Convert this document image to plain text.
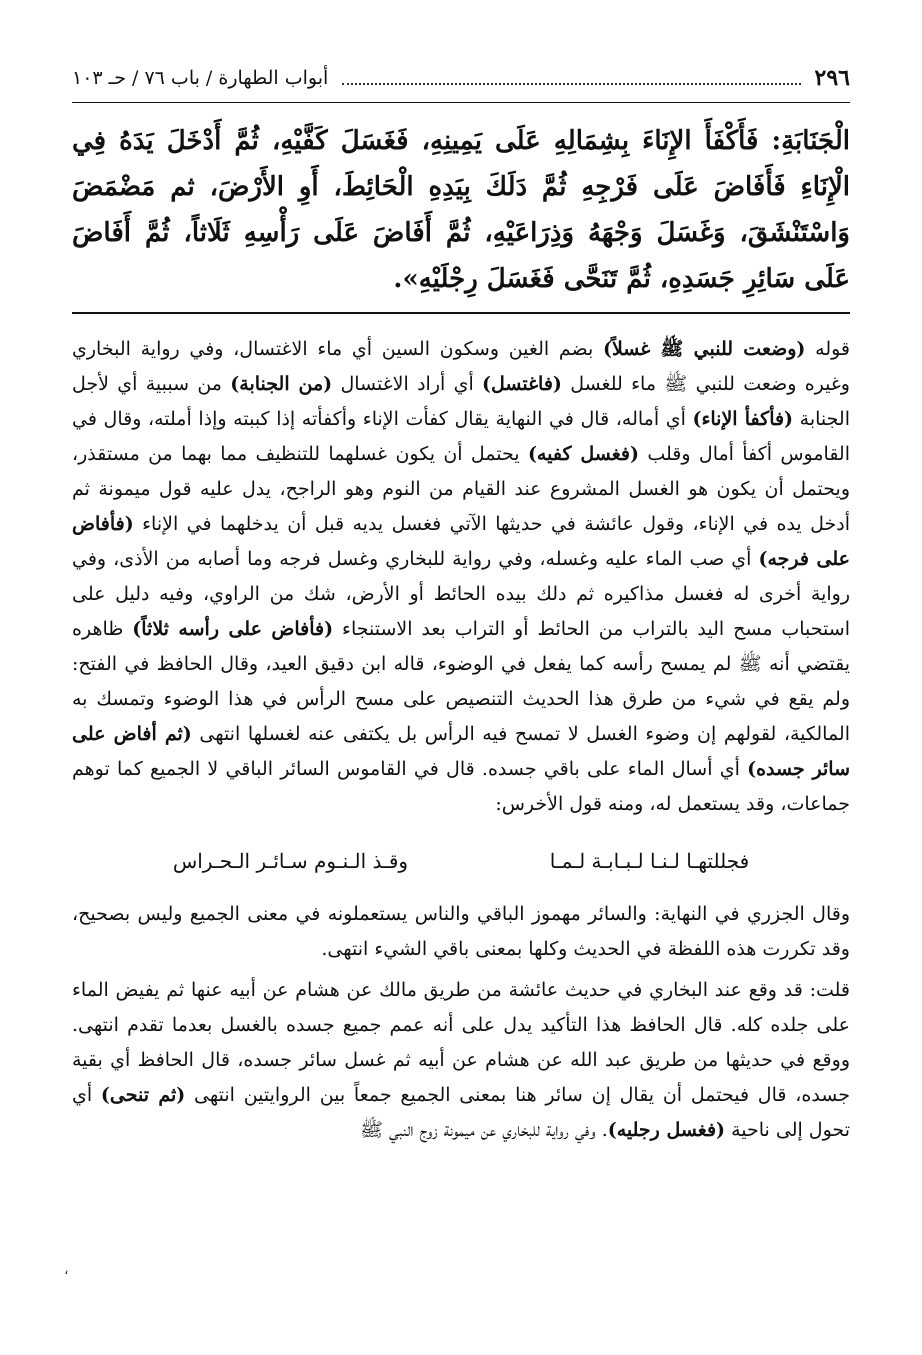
٢٩٦
أبواب الطهارة / باب ٧٦ / حـ ١٠٣

الْجَنَابَةِ: فَأَكْفَأَ الإِنَاءَ بِشِمَالِهِ عَلَى يَمِينِهِ، فَغَسَلَ كَفَّيْهِ، ثُمَّ أَدْخَلَ يَدَهُ فِي الْإِنَاءِ فَأَفَاضَ عَلَى فَرْجِهِ ثُمَّ دَلَكَ بِيَدِهِ الْحَائِطَ، أَوِ الأَرْضَ، ثم مَضْمَضَ وَاسْتَنْشَقَ، وَغَسَلَ وَجْهَهُ وَذِرَاعَيْهِ، ثُمَّ أَفَاضَ عَلَى رَأْسِهِ ثَلَاثاً، ثُمَّ أَفَاضَ عَلَى سَائِرِ جَسَدِهِ، ثُمَّ تَنَحَّى فَغَسَلَ رِجْلَيْهِ».

قوله (وضعت للنبي ﷺ غسلاً) بضم الغين وسكون السين أي ماء الاغتسال، وفي رواية البخاري وغيره وضعت للنبي ﷺ ماء للغسل (فاغتسل) أي أراد الاغتسال (من الجنابة) من سببية أي لأجل الجنابة (فأكفأ الإناء) أي أماله، قال في النهاية يقال كفأت الإناء وأكفأته إذا كببته وإذا أملته، وقال في القاموس أكفأ أمال وقلب (فغسل كفيه) يحتمل أن يكون غسلهما للتنظيف مما بهما من مستقذر، ويحتمل أن يكون هو الغسل المشروع عند القيام من النوم وهو الراجح، يدل عليه قول ميمونة ثم أدخل يده في الإناء، وقول عائشة في حديثها الآتي فغسل يديه قبل أن يدخلهما في الإناء (فأفاض على فرجه) أي صب الماء عليه وغسله، وفي رواية للبخاري وغسل فرجه وما أصابه من الأذى، وفي رواية أخرى له فغسل مذاكيره ثم دلك بيده الحائط أو الأرض، شك من الراوي، وفيه دليل على استحباب مسح اليد بالتراب من الحائط أو التراب بعد الاستنجاء (فأفاض على رأسه ثلاثاً) ظاهره يقتضي أنه ﷺ لم يمسح رأسه كما يفعل في الوضوء، قاله ابن دقيق العيد، وقال الحافظ في الفتح: ولم يقع في شيء من طرق هذا الحديث التنصيص على مسح الرأس في هذا الوضوء وتمسك به المالكية، لقولهم إن وضوء الغسل لا تمسح فيه الرأس بل يكتفى عنه لغسلها انتهى (ثم أفاض على سائر جسده) أي أسال الماء على باقي جسده. قال في القاموس السائر الباقي لا الجميع كما توهم جماعات، وقد يستعمل له، ومنه قول الأخرس:

فجللتهـا لـنـا لـبـابـة لـمـا
وقـذ الـنـوم سـائـر الـحـراس

وقال الجزري في النهاية: والسائر مهموز الباقي والناس يستعملونه في معنى الجميع وليس بصحيح، وقد تكررت هذه اللفظة في الحديث وكلها بمعنى باقي الشيء انتهى.

قلت: قد وقع عند البخاري في حديث عائشة من طريق مالك عن هشام عن أبيه عنها ثم يفيض الماء على جلده كله. قال الحافظ هذا التأكيد يدل على أنه عمم جميع جسده بالغسل بعدما تقدم انتهى. ووقع في حديثها من طريق عبد الله عن هشام عن أبيه ثم غسل سائر جسده، قال الحافظ أي بقية جسده، قال فيحتمل أن يقال إن سائر هنا بمعنى الجميع جمعاً بين الروايتين انتهى (ثم تنحى) أي تحول إلى ناحية (فغسل رجليه). وفي رواية للبخاري عن ميمونة زوج النبي ﷺ

،
